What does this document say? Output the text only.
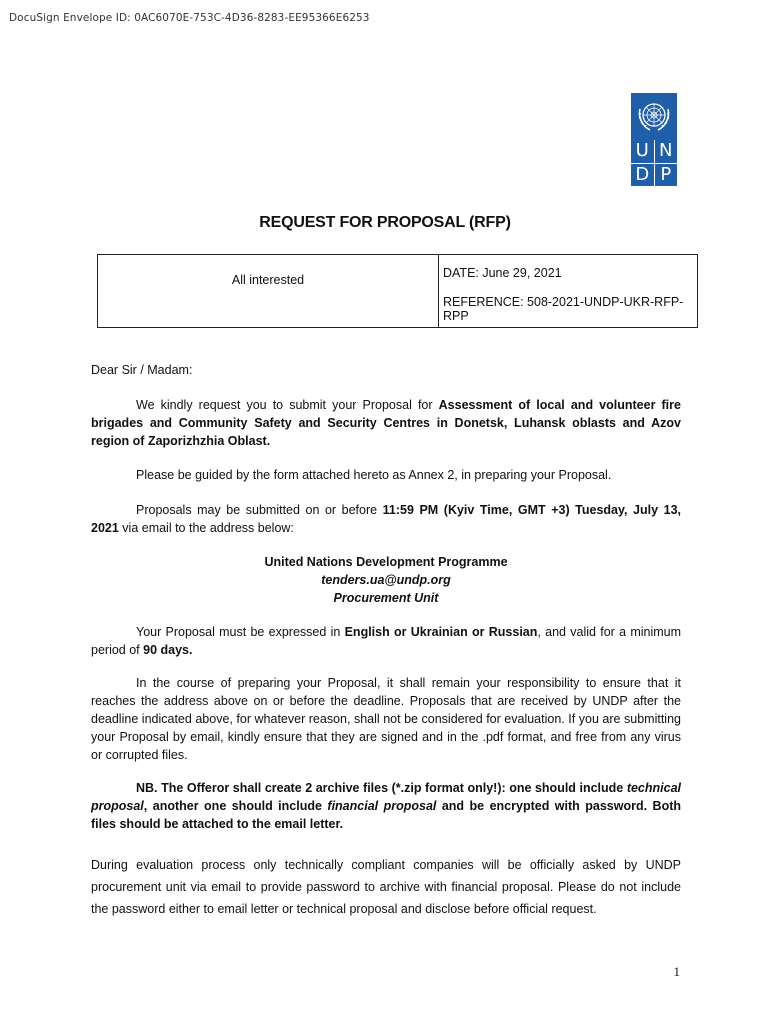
DocuSign Envelope ID: 0AC6070E-753C-4D36-8283-EE95366E6253
U N
D P
REQUEST FOR PROPOSAL (RFP)
All interested	DATE: June 29, 2021

REFERENCE: 508-2021-UNDP-UKR-RFP-RPP

Dear Sir / Madam:

We kindly request you to submit your Proposal for Assessment of local and volunteer fire brigades and Community Safety and Security Centres in Donetsk, Luhansk oblasts and Azov region of Zaporizhzhia Oblast.

Please be guided by the form attached hereto as Annex 2, in preparing your Proposal.

Proposals may be submitted on or before 11:59 PM (Kyiv Time, GMT +3) Tuesday, July 13, 2021 via email to the address below:

United Nations Development Programme

tenders.ua@undp.org

Procurement Unit

Your Proposal must be expressed in English or Ukrainian or Russian, and valid for a minimum period of 90 days.

In the course of preparing your Proposal, it shall remain your responsibility to ensure that it reaches the address above on or before the deadline. Proposals that are received by UNDP after the deadline indicated above, for whatever reason, shall not be considered for evaluation. If you are submitting your Proposal by email, kindly ensure that they are signed and in the .pdf format, and free from any virus or corrupted files.

NB. The Offeror shall create 2 archive files (*.zip format only!): one should include technical proposal, another one should include financial proposal and be encrypted with password. Both files should be attached to the email letter.

During evaluation process only technically compliant companies will be officially asked by UNDP procurement unit via email to provide password to archive with financial proposal. Please do not include the password either to email letter or technical proposal and disclose before official request.

1
